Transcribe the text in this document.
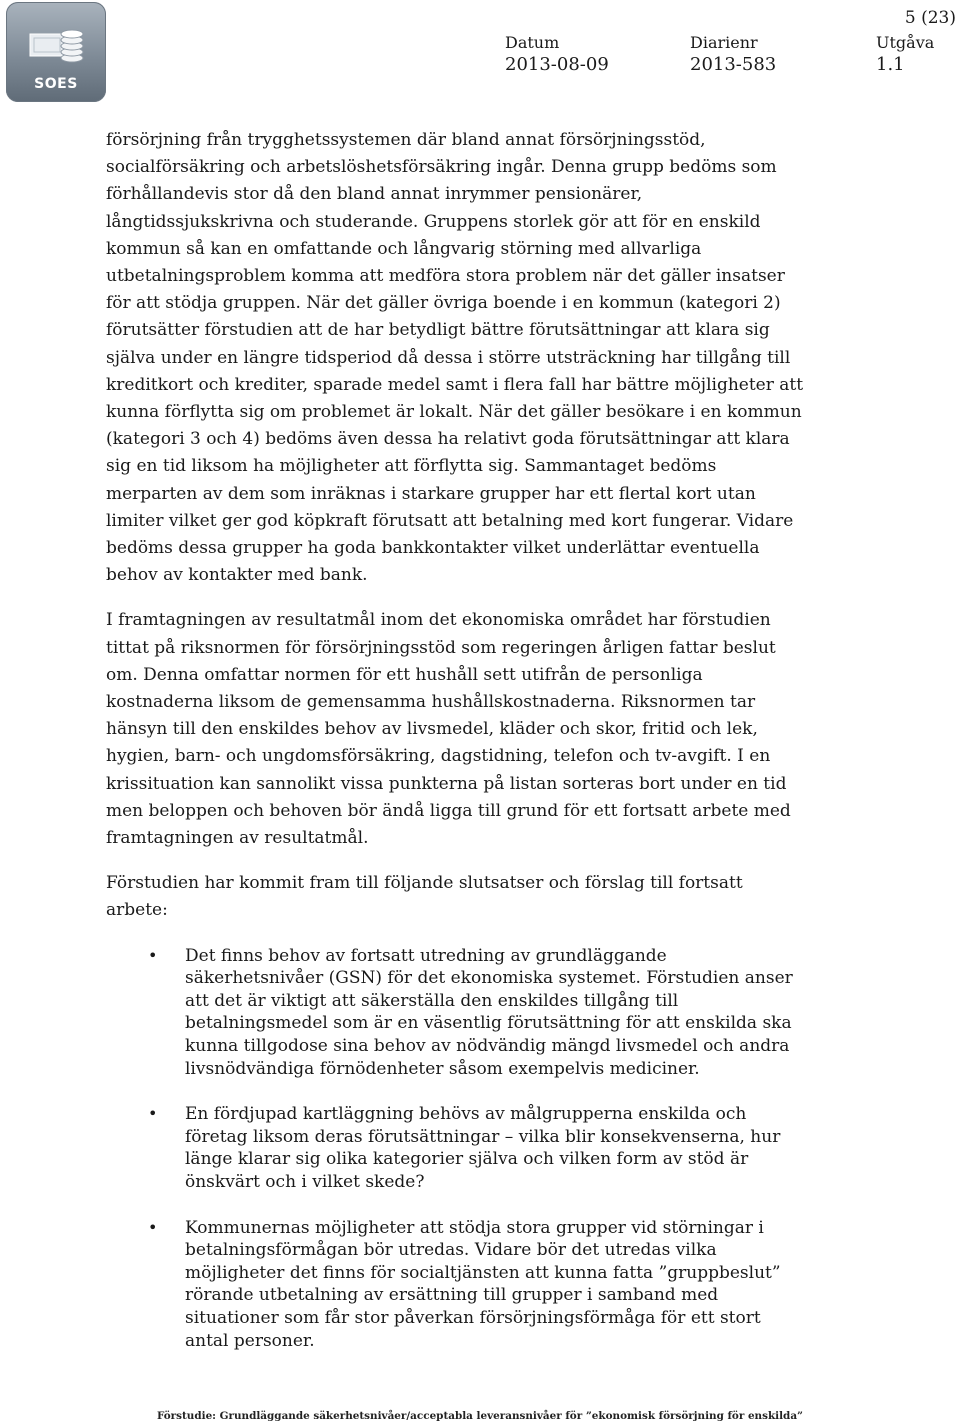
SOES
5 (23)
Datum
2013-08-09
Diarienr
2013-583
Utgåva
1.1

försörjning från trygghetssystemen där bland annat försörjningsstöd, socialförsäkring och arbetslöshetsförsäkring ingår. Denna grupp bedöms som förhållandevis stor då den bland annat inrymmer pensionärer, långtidssjukskrivna och studerande. Gruppens storlek gör att för en enskild kommun så kan en omfattande och långvarig störning med allvarliga utbetalningsproblem komma att medföra stora problem när det gäller insatser för att stödja gruppen. När det gäller övriga boende i en kommun (kategori 2) förutsätter förstudien att de har betydligt bättre förutsättningar att klara sig själva under en längre tidsperiod då dessa i större utsträckning har tillgång till kreditkort och krediter, sparade medel samt i flera fall har bättre möjligheter att kunna förflytta sig om problemet är lokalt. När det gäller besökare i en kommun (kategori 3 och 4) bedöms även dessa ha relativt goda förutsättningar att klara sig en tid liksom ha möjligheter att förflytta sig. Sammantaget bedöms merparten av dem som inräknas i starkare grupper har ett flertal kort utan limiter vilket ger god köpkraft förutsatt att betalning med kort fungerar. Vidare bedöms dessa grupper ha goda bankkontakter vilket underlättar eventuella behov av kontakter med bank.

I framtagningen av resultatmål inom det ekonomiska området har förstudien tittat på riksnormen för försörjningsstöd som regeringen årligen fattar beslut om. Denna omfattar normen för ett hushåll sett utifrån de personliga kostnaderna liksom de gemensamma hushållskostnaderna. Riksnormen tar hänsyn till den enskildes behov av livsmedel, kläder och skor, fritid och lek, hygien, barn- och ungdomsförsäkring, dagstidning, telefon och tv-avgift. I en krissituation kan sannolikt vissa punkterna på listan sorteras bort under en tid men beloppen och behoven bör ändå ligga till grund för ett fortsatt arbete med framtagningen av resultatmål.

Förstudien har kommit fram till följande slutsatser och förslag till fortsatt arbete:

• Det finns behov av fortsatt utredning av grundläggande säkerhetsnivåer (GSN) för det ekonomiska systemet. Förstudien anser att det är viktigt att säkerställa den enskildes tillgång till betalningsmedel som är en väsentlig förutsättning för att enskilda ska kunna tillgodose sina behov av nödvändig mängd livsmedel och andra livsnödvändiga förnödenheter såsom exempelvis mediciner.
• En fördjupad kartläggning behövs av målgrupperna enskilda och företag liksom deras förutsättningar – vilka blir konsekvenserna, hur länge klarar sig olika kategorier själva och vilken form av stöd är önskvärt och i vilket skede?
• Kommunernas möjligheter att stödja stora grupper vid störningar i betalningsförmågan bör utredas. Vidare bör det utredas vilka möjligheter det finns för socialtjänsten att kunna fatta ”gruppbeslut” rörande utbetalning av ersättning till grupper i samband med situationer som får stor påverkan försörjningsförmåga för ett stort antal personer.
Förstudie: Grundläggande säkerhetsnivåer/acceptabla leveransnivåer för ”ekonomisk försörjning för enskilda”
